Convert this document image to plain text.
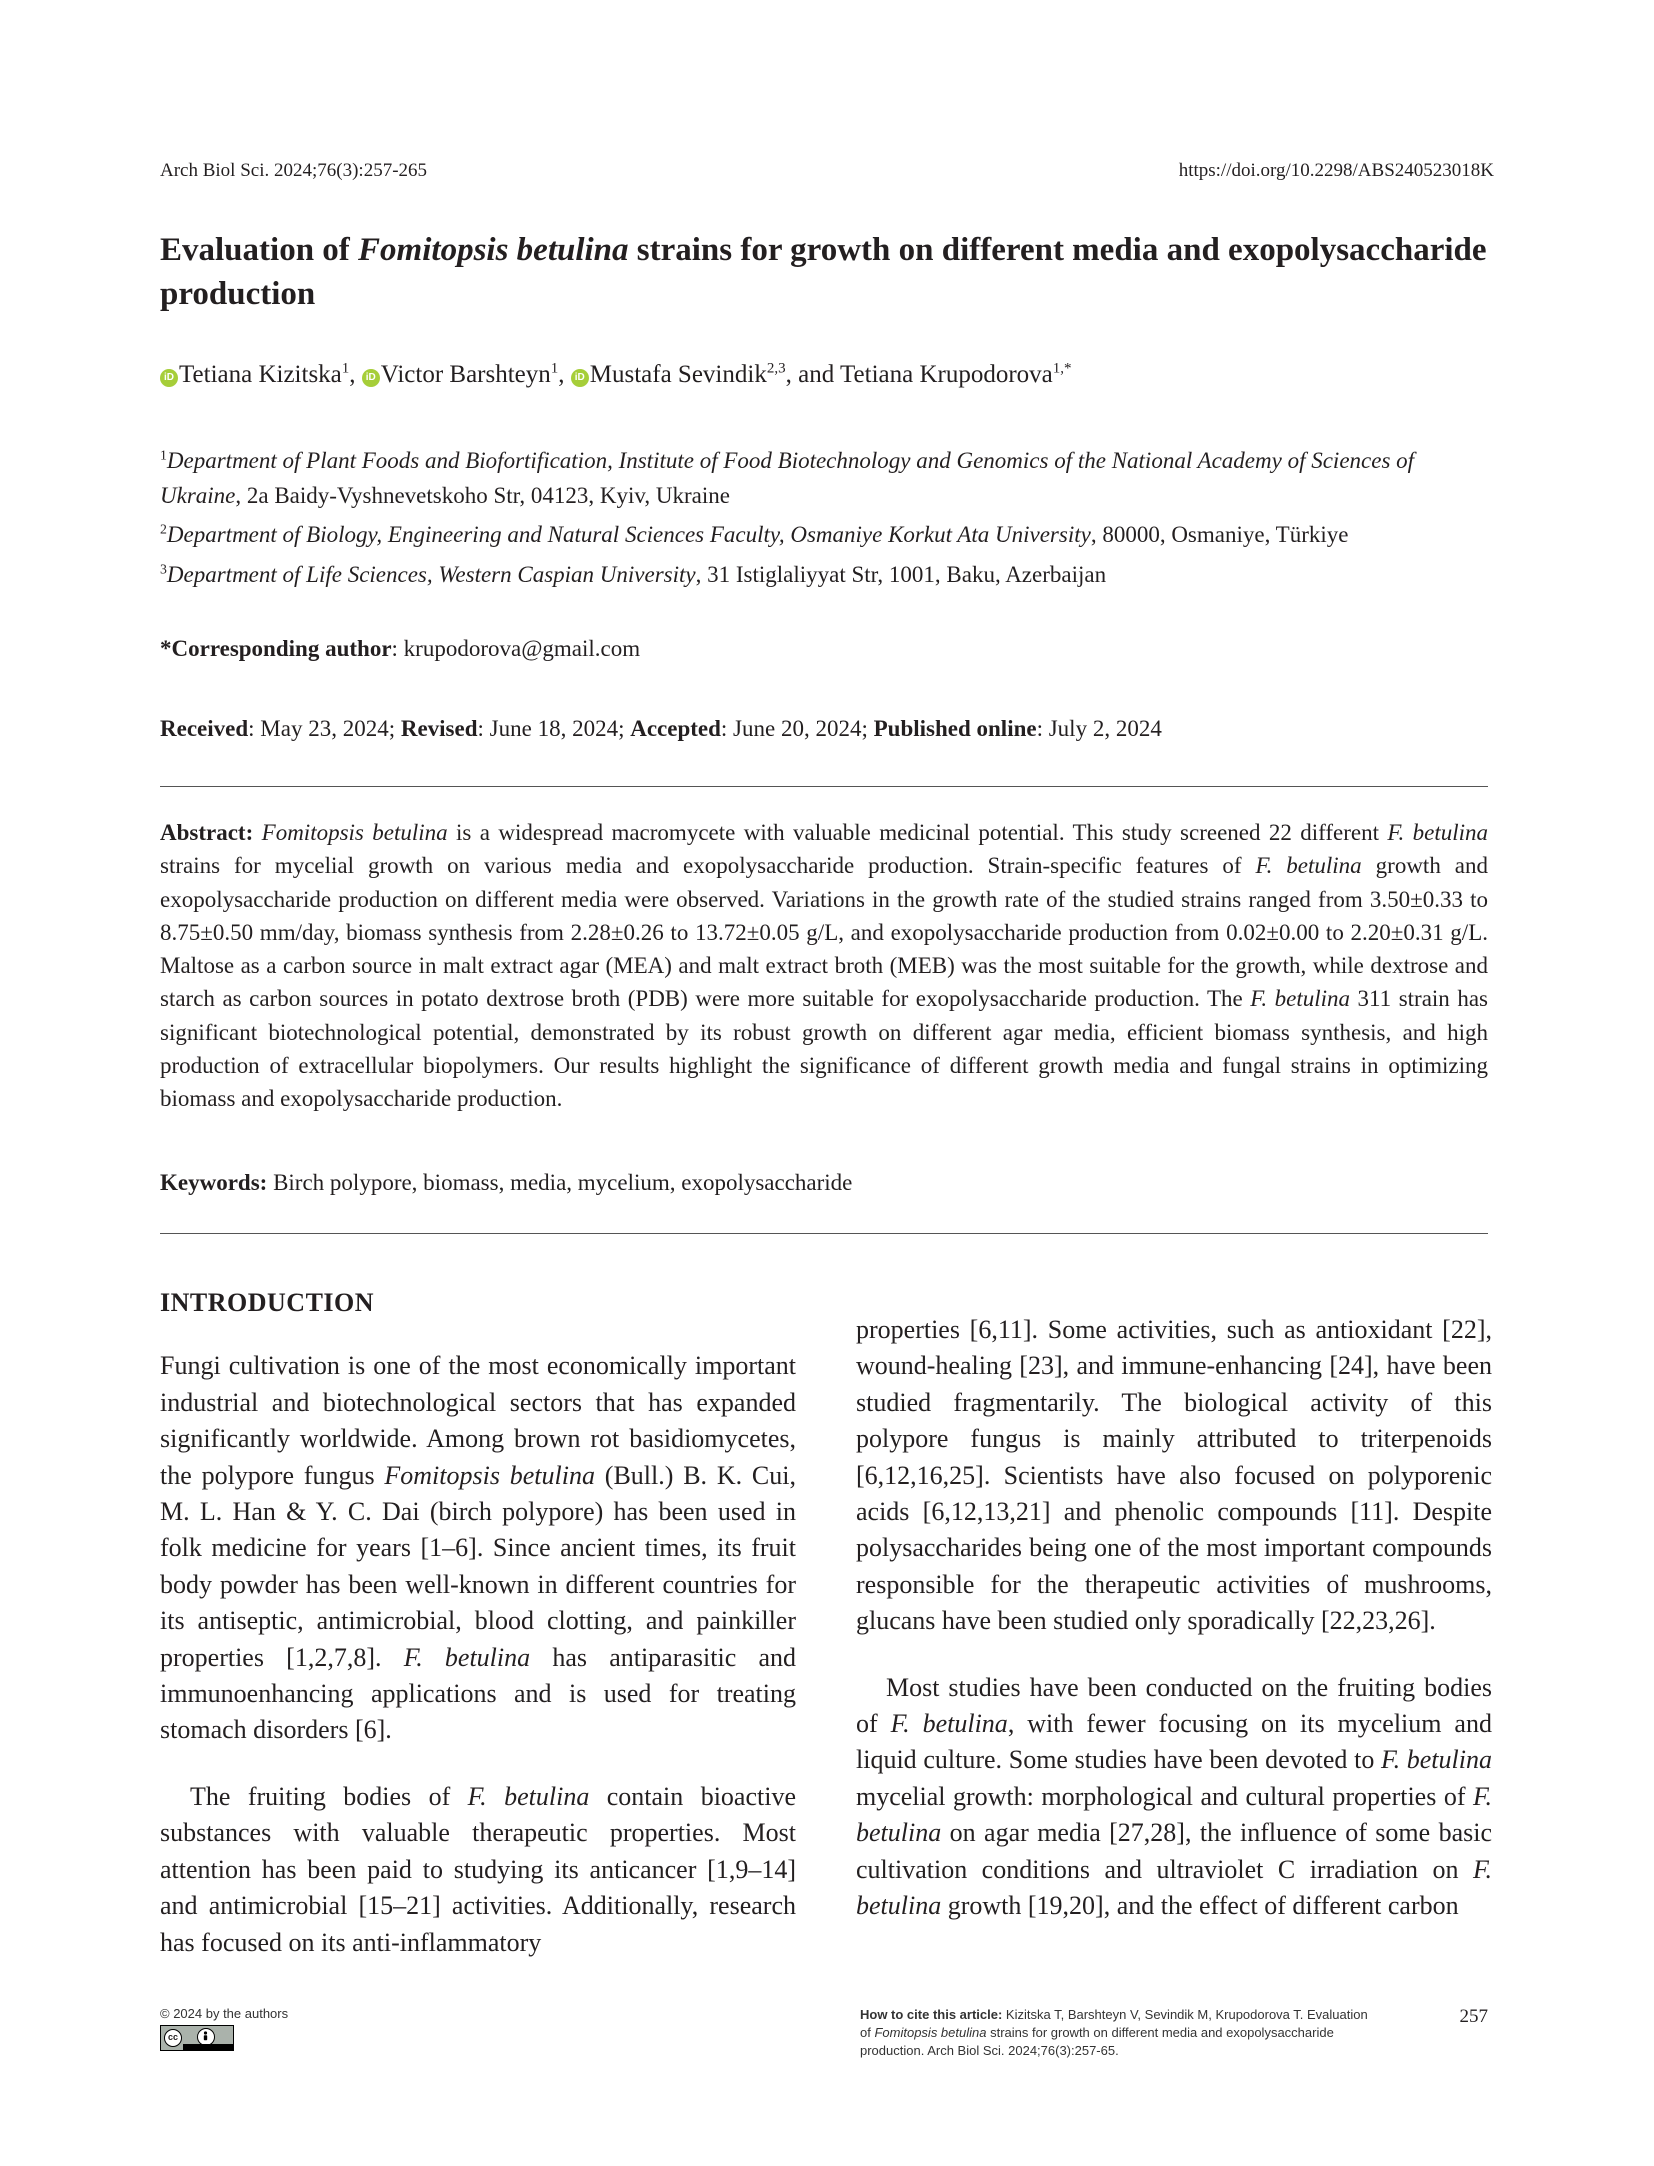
Arch Biol Sci. 2024;76(3):257-265	https://doi.org/10.2298/ABS240523018K
Evaluation of Fomitopsis betulina strains for growth on different media and exopolysaccharide production
iD Tetiana Kizitska$^1$, iD Victor Barshteyn$^1$, iD Mustafa Sevindik$^{2,3}$, and Tetiana Krupodorova$^{1,*}$
$^1$Department of Plant Foods and Biofortification, Institute of Food Biotechnology and Genomics of the National Academy of Sciences of Ukraine, 2a Baidy-Vyshnevetskoho Str, 04123, Kyiv, Ukraine
$^2$Department of Biology, Engineering and Natural Sciences Faculty, Osmaniye Korkut Ata University, 80000, Osmaniye, Türkiye
$^3$Department of Life Sciences, Western Caspian University, 31 Istiglaliyyat Str, 1001, Baku, Azerbaijan
*Corresponding author: krupodorova@gmail.com
Received: May 23, 2024; Revised: June 18, 2024; Accepted: June 20, 2024; Published online: July 2, 2024
Abstract: Fomitopsis betulina is a widespread macromycete with valuable medicinal potential. This study screened 22 different F. betulina strains for mycelial growth on various media and exopolysaccharide production. Strain-specific features of F. betulina growth and exopolysaccharide production on different media were observed. Variations in the growth rate of the studied strains ranged from 3.50±0.33 to 8.75±0.50 mm/day, biomass synthesis from 2.28±0.26 to 13.72±0.05 g/L, and exopolysaccharide production from 0.02±0.00 to 2.20±0.31 g/L. Maltose as a carbon source in malt extract agar (MEA) and malt extract broth (MEB) was the most suitable for the growth, while dextrose and starch as carbon sources in potato dextrose broth (PDB) were more suitable for exopolysaccharide production. The F. betulina 311 strain has significant biotechnological potential, demonstrated by its robust growth on different agar media, efficient biomass synthesis, and high production of extracellular biopolymers. Our results highlight the significance of different growth media and fungal strains in optimizing biomass and exopolysaccharide production.
Keywords: Birch polypore, biomass, media, mycelium, exopolysaccharide
INTRODUCTION

Fungi cultivation is one of the most economically important industrial and biotechnological sectors that has expanded significantly worldwide. Among brown rot basidiomycetes, the polypore fungus Fomitopsis betulina (Bull.) B. K. Cui, M. L. Han & Y. C. Dai (birch polypore) has been used in folk medicine for years [1–6]. Since ancient times, its fruit body powder has been well-known in different countries for its antiseptic, antimicrobial, blood clotting, and painkiller properties [1,2,7,8]. F. betulina has antiparasitic and immunoenhancing applications and is used for treating stomach disorders [6].

The fruiting bodies of F. betulina contain bioactive substances with valuable therapeutic properties. Most attention has been paid to studying its anticancer [1,9–14] and antimicrobial [15–21] activities. Additionally, research has focused on its anti-inflammatory

properties [6,11]. Some activities, such as antioxidant [22], wound-healing [23], and immune-enhancing [24], have been studied fragmentarily. The biological activity of this polypore fungus is mainly attributed to triterpenoids [6,12,16,25]. Scientists have also focused on polyporenic acids [6,12,13,21] and phenolic compounds [11]. Despite polysaccharides being one of the most important compounds responsible for the therapeutic activities of mushrooms, glucans have been studied only sporadically [22,23,26].

Most studies have been conducted on the fruiting bodies of F. betulina, with fewer focusing on its mycelium and liquid culture. Some studies have been devoted to F. betulina mycelial growth: morphological and cultural properties of F. betulina on agar media [27,28], the influence of some basic cultivation conditions and ultraviolet C irradiation on F. betulina growth [19,20], and the effect of different carbon

© 2024 by the authors
cc
How to cite this article: Kizitska T, Barshteyn V, Sevindik M, Krupodorova T. Evaluation of Fomitopsis betulina strains for growth on different media and exopolysaccharide production. Arch Biol Sci. 2024;76(3):257-65.
257
